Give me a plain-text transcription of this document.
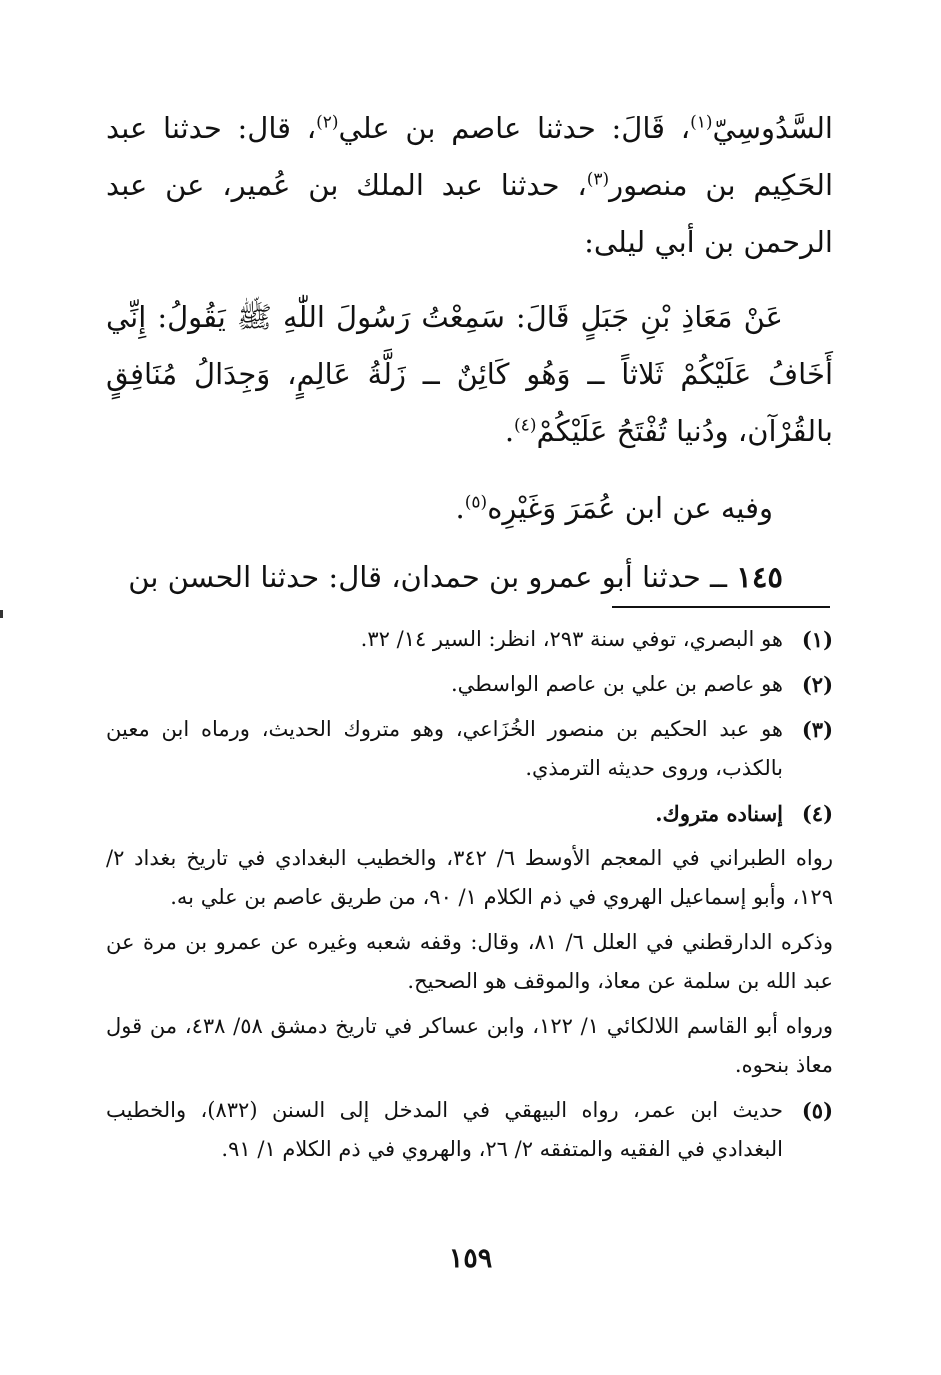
السَّدُوسِيّ$^{(١)}$، قَالَ: حدثنا عاصم بن علي$^{(٢)}$، قال: حدثنا عبد الحَكِيم بن منصور$^{(٣)}$، حدثنا عبد الملك بن عُمير، عن عبد الرحمن بن أبي ليلى:

عَنْ مَعَاذِ بْنِ جَبَلٍ قَالَ: سَمِعْتُ رَسُولَ اللّٰهِ ﷺ يَقُولُ: إِنِّي أَخَافُ عَلَيْكُمْ ثَلاثاً ــ وَهُو كَائِنٌ ــ زَلَّةُ عَالِمٍ، وَجِدَالُ مُنَافِقٍ بالقُرْآن، ودُنيا تُفْتَحُ عَلَيْكُمْ$^{(٤)}$.

وفيه عن ابن عُمَرَ وَغَيْرِه$^{(٥)}$.

١٤٥ ــ حدثنا أبو عمرو بن حمدان، قال: حدثنا الحسن بن

(١)
هو البصري، توفي سنة ٢٩٣، انظر: السير ١٤/ ٣٢.
(٢)
هو عاصم بن علي بن عاصم الواسطي.
(٣)
هو عبد الحكيم بن منصور الخُزَاعي، وهو متروك الحديث، ورماه ابن معين بالكذب، وروى حديثه الترمذي.
(٤)
إسناده متروك.

رواه الطبراني في المعجم الأوسط ٦/ ٣٤٢، والخطيب البغدادي في تاريخ بغداد ٢/ ١٢٩، وأبو إسماعيل الهروي في ذم الكلام ١/ ٩٠، من طريق عاصم بن علي به.

وذكره الدارقطني في العلل ٦/ ٨١، وقال: وقفه شعبه وغيره عن عمرو بن مرة عن عبد الله بن سلمة عن معاذ، والموقف هو الصحيح.

ورواه أبو القاسم اللالكائي ١/ ١٢٢، وابن عساكر في تاريخ دمشق ٥٨/ ٤٣٨، من قول معاذ بنحوه.

(٥)
حديث ابن عمر، رواه البيهقي في المدخل إلى السنن (٨٣٢)، والخطيب البغدادي في الفقيه والمتفقه ٢/ ٢٦، والهروي في ذم الكلام ١/ ٩١.
١٥٩
